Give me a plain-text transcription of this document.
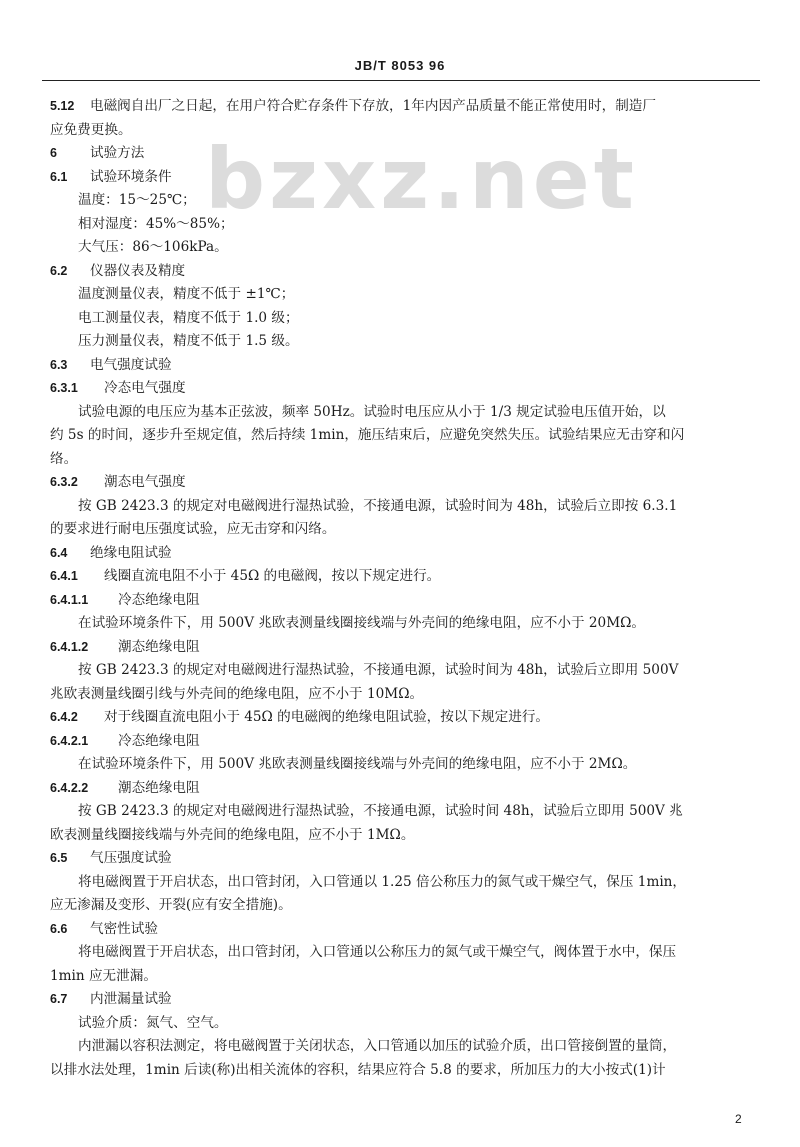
JB/T 8053 96
bzxz.net
5.12 电磁阀自出厂之日起，在用户符合贮存条件下存放，1年内因产品质量不能正常使用时，制造厂
应免费更换。
6 试验方法
6.1 试验环境条件
温度：15～25℃；
相对湿度：45%～85%；
大气压：86～106kPa。
6.2 仪器仪表及精度
温度测量仪表，精度不低于 ±1℃；
电工测量仪表，精度不低于 1.0 级；
压力测量仪表，精度不低于 1.5 级。
6.3 电气强度试验
6.3.1 冷态电气强度
试验电源的电压应为基本正弦波，频率 50Hz。试验时电压应从小于 1/3 规定试验电压值开始，以
约 5s 的时间，逐步升至规定值，然后持续 1min，施压结束后，应避免突然失压。试验结果应无击穿和闪
络。
6.3.2 潮态电气强度
按 GB 2423.3 的规定对电磁阀进行湿热试验，不接通电源，试验时间为 48h，试验后立即按 6.3.1
的要求进行耐电压强度试验，应无击穿和闪络。
6.4 绝缘电阻试验
6.4.1 线圈直流电阻不小于 45Ω 的电磁阀，按以下规定进行。
6.4.1.1 冷态绝缘电阻
在试验环境条件下，用 500V 兆欧表测量线圈接线端与外壳间的绝缘电阻，应不小于 20MΩ。
6.4.1.2 潮态绝缘电阻
按 GB 2423.3 的规定对电磁阀进行湿热试验，不接通电源，试验时间为 48h，试验后立即用 500V
兆欧表测量线圈引线与外壳间的绝缘电阻，应不小于 10MΩ。
6.4.2 对于线圈直流电阻小于 45Ω 的电磁阀的绝缘电阻试验，按以下规定进行。
6.4.2.1 冷态绝缘电阻
在试验环境条件下，用 500V 兆欧表测量线圈接线端与外壳间的绝缘电阻，应不小于 2MΩ。
6.4.2.2 潮态绝缘电阻
按 GB 2423.3 的规定对电磁阀进行湿热试验，不接通电源，试验时间 48h，试验后立即用 500V 兆
欧表测量线圈接线端与外壳间的绝缘电阻，应不小于 1MΩ。
6.5 气压强度试验
将电磁阀置于开启状态，出口管封闭，入口管通以 1.25 倍公称压力的氮气或干燥空气，保压 1min，
应无渗漏及变形、开裂(应有安全措施)。
6.6 气密性试验
将电磁阀置于开启状态，出口管封闭，入口管通以公称压力的氮气或干燥空气，阀体置于水中，保压
1min 应无泄漏。
6.7 内泄漏量试验
试验介质：氮气、空气。
内泄漏以容积法测定，将电磁阀置于关闭状态，入口管通以加压的试验介质，出口管接倒置的量筒，
以排水法处理，1min 后读(称)出相关流体的容积，结果应符合 5.8 的要求，所加压力的大小按式(1)计
2
